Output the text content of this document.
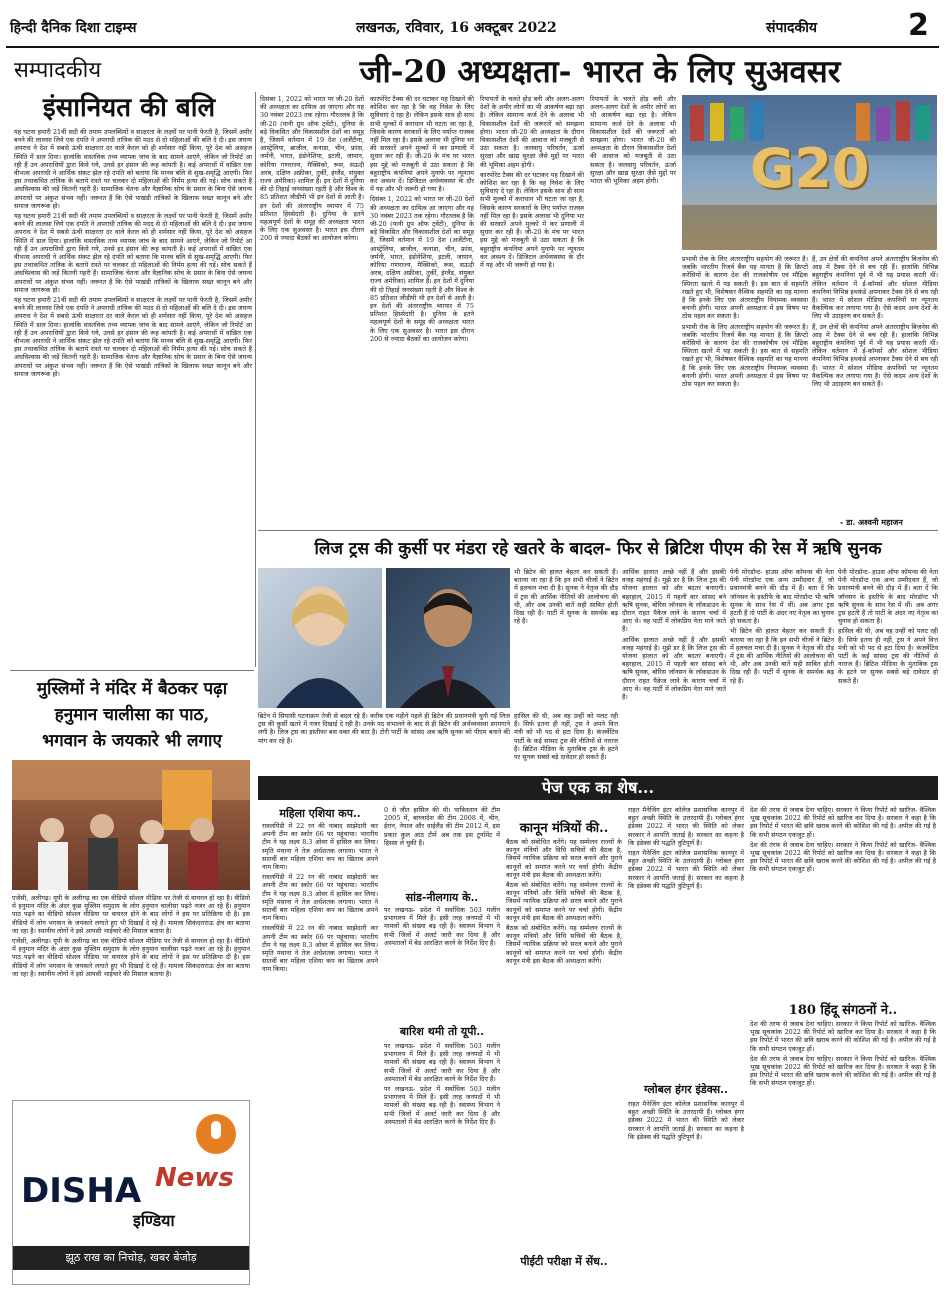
हिन्दी दैनिक दिशा टाइम्स	लखनऊ, रविवार, 16 अक्टूबर 2022	संपादकीय	2
सम्पादकीय
इंसानियत की बलि
जी-20 अध्यक्षता- भारत के लिए सुअवसर

यह घटना हमारी 21वीं सदी की तमाम उपलब्धियों व साक्षरता के लक्ष्यों पर पानी फेरती है, जिसमें अमीर बनने की लालसा लिये एक दंपति ने अपराधी तांत्रिक की मदद से दो महिलाओं की बलि दे दी। इस जघन्य अपराध ने देश में सबसे ऊंची साक्षरता दर वाले केरल को ही शर्मसार नहीं किया, पूरे देश को असहज स्थिति में डाल दिया। हालांकि वास्तविक तथ्य व्यापक जांच के बाद सामने आएंगे, लेकिन जो रिपोर्ट आ रही हैं उन अपराधियों द्वारा किये गये, उनसे हर इंसान की रूह कांपती है। कई अपराधों में वांछित एक वीभत्स अपराधी ने आर्थिक संकट झेल रहे दंपति को बताया कि मानव बलि से सुख-समृद्धि आएगी। फिर इस तथाकथित तांत्रिक के बताये रास्ते पर चलकर दो महिलाओं की निर्मम हत्या की गई। सोच सकते हैं अंधविश्वास की जड़ें कितनी गहरी हैं। सामाजिक चेतना और वैज्ञानिक सोच के प्रसार के बिना ऐसे जघन्य अपराधों पर अंकुश संभव नहीं। जरूरत है कि ऐसे पाखंडी तांत्रिकों के खिलाफ सख्त कानून बने और समाज जागरूक हो।

यह घटना हमारी 21वीं सदी की तमाम उपलब्धियों व साक्षरता के लक्ष्यों पर पानी फेरती है, जिसमें अमीर बनने की लालसा लिये एक दंपति ने अपराधी तांत्रिक की मदद से दो महिलाओं की बलि दे दी। इस जघन्य अपराध ने देश में सबसे ऊंची साक्षरता दर वाले केरल को ही शर्मसार नहीं किया, पूरे देश को असहज स्थिति में डाल दिया। हालांकि वास्तविक तथ्य व्यापक जांच के बाद सामने आएंगे, लेकिन जो रिपोर्ट आ रही हैं उन अपराधियों द्वारा किये गये, उनसे हर इंसान की रूह कांपती है। कई अपराधों में वांछित एक वीभत्स अपराधी ने आर्थिक संकट झेल रहे दंपति को बताया कि मानव बलि से सुख-समृद्धि आएगी। फिर इस तथाकथित तांत्रिक के बताये रास्ते पर चलकर दो महिलाओं की निर्मम हत्या की गई। सोच सकते हैं अंधविश्वास की जड़ें कितनी गहरी हैं। सामाजिक चेतना और वैज्ञानिक सोच के प्रसार के बिना ऐसे जघन्य अपराधों पर अंकुश संभव नहीं। जरूरत है कि ऐसे पाखंडी तांत्रिकों के खिलाफ सख्त कानून बने और समाज जागरूक हो।

यह घटना हमारी 21वीं सदी की तमाम उपलब्धियों व साक्षरता के लक्ष्यों पर पानी फेरती है, जिसमें अमीर बनने की लालसा लिये एक दंपति ने अपराधी तांत्रिक की मदद से दो महिलाओं की बलि दे दी। इस जघन्य अपराध ने देश में सबसे ऊंची साक्षरता दर वाले केरल को ही शर्मसार नहीं किया, पूरे देश को असहज स्थिति में डाल दिया। हालांकि वास्तविक तथ्य व्यापक जांच के बाद सामने आएंगे, लेकिन जो रिपोर्ट आ रही हैं उन अपराधियों द्वारा किये गये, उनसे हर इंसान की रूह कांपती है। कई अपराधों में वांछित एक वीभत्स अपराधी ने आर्थिक संकट झेल रहे दंपति को बताया कि मानव बलि से सुख-समृद्धि आएगी। फिर इस तथाकथित तांत्रिक के बताये रास्ते पर चलकर दो महिलाओं की निर्मम हत्या की गई। सोच सकते हैं अंधविश्वास की जड़ें कितनी गहरी हैं। सामाजिक चेतना और वैज्ञानिक सोच के प्रसार के बिना ऐसे जघन्य अपराधों पर अंकुश संभव नहीं। जरूरत है कि ऐसे पाखंडी तांत्रिकों के खिलाफ सख्त कानून बने और समाज जागरूक हो।

दिसंबर 1, 2022 को भारत पर जी-20 देशों की अध्यक्षता का दायित्व आ जाएगा और यह 30 नवंबर 2023 तक रहेगा। गौरतलब है कि जी-20 (यानी ग्रुप ऑफ ट्वेंटी), दुनिया के बड़े विकसित और विकासशील देशों का समूह है, जिसमें वर्तमान में 19 देश (अर्जेंटीना, आस्ट्रेलिया, ब्राजील, कनाडा, चीन, फ्रांस, जर्मनी, भारत, इंडोनेशिया, इटली, जापान, कोरिया गणराज्य, मैक्सिको, रूस, सऊदी अरब, दक्षिण अफ्रीका, तुर्की, इंग्लैंड, संयुक्त राज्य अमेरिका) शामिल हैं। इन देशों में दुनिया की दो तिहाई जनसंख्या रहती है और विश्व के 85 प्रतिशत जीडीपी भी इन देशों से आती है। इन देशों की अंतरराष्ट्रीय व्यापार में 75 प्रतिशत हिस्सेदारी है। दुनिया के इतने महत्वपूर्ण देशों के समूह की अध्यक्षता भारत के लिए एक सुअवसर है। भारत इस दौरान 200 से ज्यादा बैठकों का आयोजन करेगा।

कारपोरेट टैक्स की दर घटाकर यह दिखाने की कोशिश कर रहा है कि वह निवेश के लिए सुविधाएं दे रहा है। लेकिन इसके साथ ही साथ सभी मुल्कों में कराधान भी घटता जा रहा है, जिसके कारण सरकारों के लिए पर्याप्त राजस्व नहीं मिल रहा है। इसके अलावा भी दुनिया भर की सरकारें अपने मुल्कों में कर प्रणाली में सुधार कर रही हैं। जी-20 के मंच पर भारत इस मुद्दे को मजबूती से उठा सकता है कि बहुराष्ट्रीय कंपनियां अपने मुनाफे पर न्यूनतम कर अवश्य दें। डिजिटल अर्थव्यवस्था के दौर में यह और भी जरूरी हो गया है।

दिसंबर 1, 2022 को भारत पर जी-20 देशों की अध्यक्षता का दायित्व आ जाएगा और यह 30 नवंबर 2023 तक रहेगा। गौरतलब है कि जी-20 (यानी ग्रुप ऑफ ट्वेंटी), दुनिया के बड़े विकसित और विकासशील देशों का समूह है, जिसमें वर्तमान में 19 देश (अर्जेंटीना, आस्ट्रेलिया, ब्राजील, कनाडा, चीन, फ्रांस, जर्मनी, भारत, इंडोनेशिया, इटली, जापान, कोरिया गणराज्य, मैक्सिको, रूस, सऊदी अरब, दक्षिण अफ्रीका, तुर्की, इंग्लैंड, संयुक्त राज्य अमेरिका) शामिल हैं। इन देशों में दुनिया की दो तिहाई जनसंख्या रहती है और विश्व के 85 प्रतिशत जीडीपी भी इन देशों से आती है। इन देशों की अंतरराष्ट्रीय व्यापार में 75 प्रतिशत हिस्सेदारी है। दुनिया के इतने महत्वपूर्ण देशों के समूह की अध्यक्षता भारत के लिए एक सुअवसर है। भारत इस दौरान 200 से ज्यादा बैठकों का आयोजन करेगा।

रियायतों के चलते होड़ बनी और अलग-अलग देशों के अमीर लोगों का भी आकर्षण बढ़ा रहा है। लेकिन सामान्य कर्ज देने के अलावा भी विकासशील देशों की जरूरतों को समझना होगा। भारत जी-20 की अध्यक्षता के दौरान विकासशील देशों की आवाज को मजबूती से उठा सकता है। जलवायु परिवर्तन, ऊर्जा सुरक्षा और खाद्य सुरक्षा जैसे मुद्दों पर भारत की भूमिका अहम होगी।

कारपोरेट टैक्स की दर घटाकर यह दिखाने की कोशिश कर रहा है कि वह निवेश के लिए सुविधाएं दे रहा है। लेकिन इसके साथ ही साथ सभी मुल्कों में कराधान भी घटता जा रहा है, जिसके कारण सरकारों के लिए पर्याप्त राजस्व नहीं मिल रहा है। इसके अलावा भी दुनिया भर की सरकारें अपने मुल्कों में कर प्रणाली में सुधार कर रही हैं। जी-20 के मंच पर भारत इस मुद्दे को मजबूती से उठा सकता है कि बहुराष्ट्रीय कंपनियां अपने मुनाफे पर न्यूनतम कर अवश्य दें। डिजिटल अर्थव्यवस्था के दौर में यह और भी जरूरी हो गया है।

रियायतों के चलते होड़ बनी और अलग-अलग देशों के अमीर लोगों का भी आकर्षण बढ़ा रहा है। लेकिन सामान्य कर्ज देने के अलावा भी विकासशील देशों की जरूरतों को समझना होगा। भारत जी-20 की अध्यक्षता के दौरान विकासशील देशों की आवाज को मजबूती से उठा सकता है। जलवायु परिवर्तन, ऊर्जा सुरक्षा और खाद्य सुरक्षा जैसे मुद्दों पर भारत की भूमिका अहम होगी।	G20

प्रभावी रोक के लिए अंतरराष्ट्रीय सहयोग की जरूरत है। जबकि भारतीय रिजर्व बैंक यह मानता है कि क्रिप्टो करेंसियों के कारण देश की राजकोषीय एवं मौद्रिक स्थिरता खतरे में पड़ सकती है। इस बात से सहमति रखते हुए भी, विशेषकर वैश्विक सहमति का यह मानना है कि इनके लिए एक अंतरराष्ट्रीय नियामक व्यवस्था बनानी होगी। भारत अपनी अध्यक्षता में इस विषय पर ठोस पहल कर सकता है।

प्रभावी रोक के लिए अंतरराष्ट्रीय सहयोग की जरूरत है। जबकि भारतीय रिजर्व बैंक यह मानता है कि क्रिप्टो करेंसियों के कारण देश की राजकोषीय एवं मौद्रिक स्थिरता खतरे में पड़ सकती है। इस बात से सहमति रखते हुए भी, विशेषकर वैश्विक सहमति का यह मानना है कि इनके लिए एक अंतरराष्ट्रीय नियामक व्यवस्था बनानी होगी। भारत अपनी अध्यक्षता में इस विषय पर ठोस पहल कर सकता है।

हैं, उन क्षेत्रों की कंपनियां अपने अंतरराष्ट्रीय बिजनेस की आड़ में टैक्स देने से बच रही हैं। हालांकि विभिन्न बहुराष्ट्रीय कंपनियां पूर्व में भी यह प्रयास करती थीं। लेकिन वर्तमान में ई-कॉमर्स और सोशल मीडिया कंपनियां विभिन्न हथकंडे अपनाकर टैक्स देने से बच रही हैं। भारत में सोशल मीडिया कंपनियों पर न्यूनतम वैकल्पिक कर लगाया गया है। ऐसे कदम अन्य देशों के लिए भी उदाहरण बन सकते हैं।

हैं, उन क्षेत्रों की कंपनियां अपने अंतरराष्ट्रीय बिजनेस की आड़ में टैक्स देने से बच रही हैं। हालांकि विभिन्न बहुराष्ट्रीय कंपनियां पूर्व में भी यह प्रयास करती थीं। लेकिन वर्तमान में ई-कॉमर्स और सोशल मीडिया कंपनियां विभिन्न हथकंडे अपनाकर टैक्स देने से बच रही हैं। भारत में सोशल मीडिया कंपनियों पर न्यूनतम वैकल्पिक कर लगाया गया है। ऐसे कदम अन्य देशों के लिए भी उदाहरण बन सकते हैं।

- डा. अश्वनी महाजन
लिज ट्रस की कुर्सी पर मंडरा रहे खतरे के बादल- फिर से ब्रिटिश पीएम की रेस में ऋषि सुनक

ब्रिटेन में सियासी घटनाक्रम तेजी से बदल रहे हैं। करीब एक महीने पहले ही ब्रिटेन की प्रधानमंत्री चुनी गईं लिज ट्रस की कुर्सी खतरे में नजर दिखाई दे रही है। उनके पद संभालने के बाद से ही ब्रिटेन की अर्थव्यवस्था डगमगाने लगी है। लिज ट्रस का इस्तीफा बस वक्त की बात है। टोरी पार्टी के सांसद अब ऋषि सुनक को पीएम बनाने की मांग कर रहे हैं।

हासिल की थी, अब वह उन्हीं को पलट रही हैं। सिर्फ इतना ही नहीं, ट्रस ने अपने वित्त मंत्री को भी पद से हटा दिया है। कंजर्वेटिव पार्टी के कई सांसद ट्रस की नीतियों से नाराज हैं। ब्रिटिश मीडिया के मुताबिक ट्रस के हटने पर सुनक सबसे बड़े दावेदार हो सकते हैं।

भी ब्रिटेन की हालत बेहतर कर सकती हैं। बताया जा रहा है कि इन सभी चीजों ने ब्रिटेन में हलचल मचा दी है। सुनक ने नेतृत्व की दौड़ में ट्रस की आर्थिक नीतियों की आलोचना की थी, और अब उनकी बातें सही साबित होती दिख रही हैं। पार्टी में सुनक के समर्थक बढ़ रहे हैं।

आर्थिक हालात अच्छे नहीं हैं और इसकी वजह महंगाई है। मुझे डर है कि लिज ट्रस की योजना हालात को और बदतर बनाएगी। बहरहाल, 2015 में पहली बार सांसद बने ऋषि सुनक, बोरिस जॉनसन के लॉकडाउन के दौरान राहत पैकेज लाने के कारण चर्चा में आए थे। वह पार्टी में लोकप्रिय नेता माने जाते हैं।

आर्थिक हालात अच्छे नहीं हैं और इसकी वजह महंगाई है। मुझे डर है कि लिज ट्रस की योजना हालात को और बदतर बनाएगी। बहरहाल, 2015 में पहली बार सांसद बने ऋषि सुनक, बोरिस जॉनसन के लॉकडाउन के दौरान राहत पैकेज लाने के कारण चर्चा में आए थे। वह पार्टी में लोकप्रिय नेता माने जाते हैं।

पेनी मोरडॉन्ट- हाउस ऑफ कॉमन्स की नेता पेनी मोरडॉन्ट एक अन्य उम्मीदवार हैं, जो प्रधानमंत्री बनने की दौड़ में हैं। बता दें कि जॉनसन के इस्तीफे के बाद मोरडॉन्ट भी ऋषि सुनक के साथ रेस में थीं। अब अगर ट्रस हटती हैं तो पार्टी के अंदर नए नेतृत्व का चुनाव हो सकता है।

भी ब्रिटेन की हालत बेहतर कर सकती हैं। बताया जा रहा है कि इन सभी चीजों ने ब्रिटेन में हलचल मचा दी है। सुनक ने नेतृत्व की दौड़ में ट्रस की आर्थिक नीतियों की आलोचना की थी, और अब उनकी बातें सही साबित होती दिख रही हैं। पार्टी में सुनक के समर्थक बढ़ रहे हैं।

पेनी मोरडॉन्ट- हाउस ऑफ कॉमन्स की नेता पेनी मोरडॉन्ट एक अन्य उम्मीदवार हैं, जो प्रधानमंत्री बनने की दौड़ में हैं। बता दें कि जॉनसन के इस्तीफे के बाद मोरडॉन्ट भी ऋषि सुनक के साथ रेस में थीं। अब अगर ट्रस हटती हैं तो पार्टी के अंदर नए नेतृत्व का चुनाव हो सकता है।

हासिल की थी, अब वह उन्हीं को पलट रही हैं। सिर्फ इतना ही नहीं, ट्रस ने अपने वित्त मंत्री को भी पद से हटा दिया है। कंजर्वेटिव पार्टी के कई सांसद ट्रस की नीतियों से नाराज हैं। ब्रिटिश मीडिया के मुताबिक ट्रस के हटने पर सुनक सबसे बड़े दावेदार हो सकते हैं।

मुस्लिमों ने मंदिर में बैठकर पढ़ा
हनुमान चालीसा का पाठ,
भगवान के जयकारे भी लगाए

एजेंसी, अलीगढ़। यूपी के अलीगढ़ का एक वीडियो सोशल मीडिया पर तेजी से वायरल हो रहा है। वीडियो में हनुमान मंदिर के अंदर कुछ मुस्लिम समुदाय के लोग हनुमान चालीसा पढ़ते नजर आ रहे हैं। हनुमान पाठ पढ़ने का वीडियो सोशल मीडिया पर वायरल होने के बाद लोगों ने इस पर प्रतिक्रिया दी है। इस वीडियो में लोग भगवान के जयकारे लगाते हुए भी दिखाई दे रहे हैं। मामला सिकंदराराऊ क्षेत्र का बताया जा रहा है। स्थानीय लोगों ने इसे आपसी भाईचारे की मिसाल बताया है।

एजेंसी, अलीगढ़। यूपी के अलीगढ़ का एक वीडियो सोशल मीडिया पर तेजी से वायरल हो रहा है। वीडियो में हनुमान मंदिर के अंदर कुछ मुस्लिम समुदाय के लोग हनुमान चालीसा पढ़ते नजर आ रहे हैं। हनुमान पाठ पढ़ने का वीडियो सोशल मीडिया पर वायरल होने के बाद लोगों ने इस पर प्रतिक्रिया दी है। इस वीडियो में लोग भगवान के जयकारे लगाते हुए भी दिखाई दे रहे हैं। मामला सिकंदराराऊ क्षेत्र का बताया जा रहा है। स्थानीय लोगों ने इसे आपसी भाईचारे की मिसाल बताया है।

DISHA News
इण्डिया
झूठ राख का निचोड़, खबर बेजोड़
पेज एक का शेष...
महिला एशिया कप..

रावलपिंडी में 22 रन की नाबाद साझेदारी कर अपनी टीम का स्कोर 66 पर पहुंचाया। भारतीय टीम ने यह लक्ष्य 8.3 ओवर में हासिल कर लिया। स्मृति मंधाना ने तेज अर्धशतक लगाया। भारत ने सातवीं बार महिला एशिया कप का खिताब अपने नाम किया।

रावलपिंडी में 22 रन की नाबाद साझेदारी कर अपनी टीम का स्कोर 66 पर पहुंचाया। भारतीय टीम ने यह लक्ष्य 8.3 ओवर में हासिल कर लिया। स्मृति मंधाना ने तेज अर्धशतक लगाया। भारत ने सातवीं बार महिला एशिया कप का खिताब अपने नाम किया।

रावलपिंडी में 22 रन की नाबाद साझेदारी कर अपनी टीम का स्कोर 66 पर पहुंचाया। भारतीय टीम ने यह लक्ष्य 8.3 ओवर में हासिल कर लिया। स्मृति मंधाना ने तेज अर्धशतक लगाया। भारत ने सातवीं बार महिला एशिया कप का खिताब अपने नाम किया।

0 से जीत हासिल की थी। पाकिस्तान की टीम 2005 में, बांग्लादेश की टीम 2008 में, चीन, ईरान, नेपाल और थाईलैंड की टीम 2012 में, इस प्रकार कुल आठ टीमें अब तक इस टूर्नामेंट में हिस्सा ले चुकी हैं।

सांड-नीलगाय के..

पर लखनऊ- प्रदेश में सर्वाधिक 503 मलीन प्रभागलय में मिले हैं। इसी तरह जनपदों में भी मामलों की संख्या बढ़ रही है। स्वास्थ्य विभाग ने सभी जिलों में अलर्ट जारी कर दिया है और अस्पतालों में बेड आरक्षित करने के निर्देश दिए हैं।

बारिश थमी तो यूपी..

पर लखनऊ- प्रदेश में सर्वाधिक 503 मलीन प्रभागलय में मिले हैं। इसी तरह जनपदों में भी मामलों की संख्या बढ़ रही है। स्वास्थ्य विभाग ने सभी जिलों में अलर्ट जारी कर दिया है और अस्पतालों में बेड आरक्षित करने के निर्देश दिए हैं।

पर लखनऊ- प्रदेश में सर्वाधिक 503 मलीन प्रभागलय में मिले हैं। इसी तरह जनपदों में भी मामलों की संख्या बढ़ रही है। स्वास्थ्य विभाग ने सभी जिलों में अलर्ट जारी कर दिया है और अस्पतालों में बेड आरक्षित करने के निर्देश दिए हैं।

कानून मंत्रियों की..

बैठक को संबोधित करेंगे। यह सम्मेलन राज्यों के कानून मंत्रियों और विधि सचिवों की बैठक है, जिसमें न्यायिक प्रक्रिया को सरल बनाने और पुराने कानूनों को समाप्त करने पर चर्चा होगी। केंद्रीय कानून मंत्री इस बैठक की अध्यक्षता करेंगे।

बैठक को संबोधित करेंगे। यह सम्मेलन राज्यों के कानून मंत्रियों और विधि सचिवों की बैठक है, जिसमें न्यायिक प्रक्रिया को सरल बनाने और पुराने कानूनों को समाप्त करने पर चर्चा होगी। केंद्रीय कानून मंत्री इस बैठक की अध्यक्षता करेंगे।

बैठक को संबोधित करेंगे। यह सम्मेलन राज्यों के कानून मंत्रियों और विधि सचिवों की बैठक है, जिसमें न्यायिक प्रक्रिया को सरल बनाने और पुराने कानूनों को समाप्त करने पर चर्चा होगी। केंद्रीय कानून मंत्री इस बैठक की अध्यक्षता करेंगे।

पीईटी परीक्षा में सेंध..

राहत मैनेजिंग इंटर कॉलेज प्रशासनिक कानपुर में बहुत अच्छी स्थिति के उत्तरदायी हैं। ग्लोबल हंगर इंडेक्स 2022 में भारत की स्थिति को लेकर सरकार ने आपत्ति जताई है। सरकार का कहना है कि इंडेक्स की पद्धति त्रुटिपूर्ण है।

राहत मैनेजिंग इंटर कॉलेज प्रशासनिक कानपुर में बहुत अच्छी स्थिति के उत्तरदायी हैं। ग्लोबल हंगर इंडेक्स 2022 में भारत की स्थिति को लेकर सरकार ने आपत्ति जताई है। सरकार का कहना है कि इंडेक्स की पद्धति त्रुटिपूर्ण है।

ग्लोबल हंगर इंडेक्स..

राहत मैनेजिंग इंटर कॉलेज प्रशासनिक कानपुर में बहुत अच्छी स्थिति के उत्तरदायी हैं। ग्लोबल हंगर इंडेक्स 2022 में भारत की स्थिति को लेकर सरकार ने आपत्ति जताई है। सरकार का कहना है कि इंडेक्स की पद्धति त्रुटिपूर्ण है।

देश की तरफ से जवाब देना चाहिए। सरकार ने किया रिपोर्ट को खारिज- वैश्विक भूख सूचकांक 2022 की रिपोर्ट को खारिज कर दिया है। सरकार ने कहा है कि इस रिपोर्ट में भारत की छवि खराब करने की कोशिश की गई है। अपील की गई है कि सभी संगठन एकजुट हों।

देश की तरफ से जवाब देना चाहिए। सरकार ने किया रिपोर्ट को खारिज- वैश्विक भूख सूचकांक 2022 की रिपोर्ट को खारिज कर दिया है। सरकार ने कहा है कि इस रिपोर्ट में भारत की छवि खराब करने की कोशिश की गई है। अपील की गई है कि सभी संगठन एकजुट हों।

180 हिंदू संगठनों ने..

देश की तरफ से जवाब देना चाहिए। सरकार ने किया रिपोर्ट को खारिज- वैश्विक भूख सूचकांक 2022 की रिपोर्ट को खारिज कर दिया है। सरकार ने कहा है कि इस रिपोर्ट में भारत की छवि खराब करने की कोशिश की गई है। अपील की गई है कि सभी संगठन एकजुट हों।

देश की तरफ से जवाब देना चाहिए। सरकार ने किया रिपोर्ट को खारिज- वैश्विक भूख सूचकांक 2022 की रिपोर्ट को खारिज कर दिया है। सरकार ने कहा है कि इस रिपोर्ट में भारत की छवि खराब करने की कोशिश की गई है। अपील की गई है कि सभी संगठन एकजुट हों।
